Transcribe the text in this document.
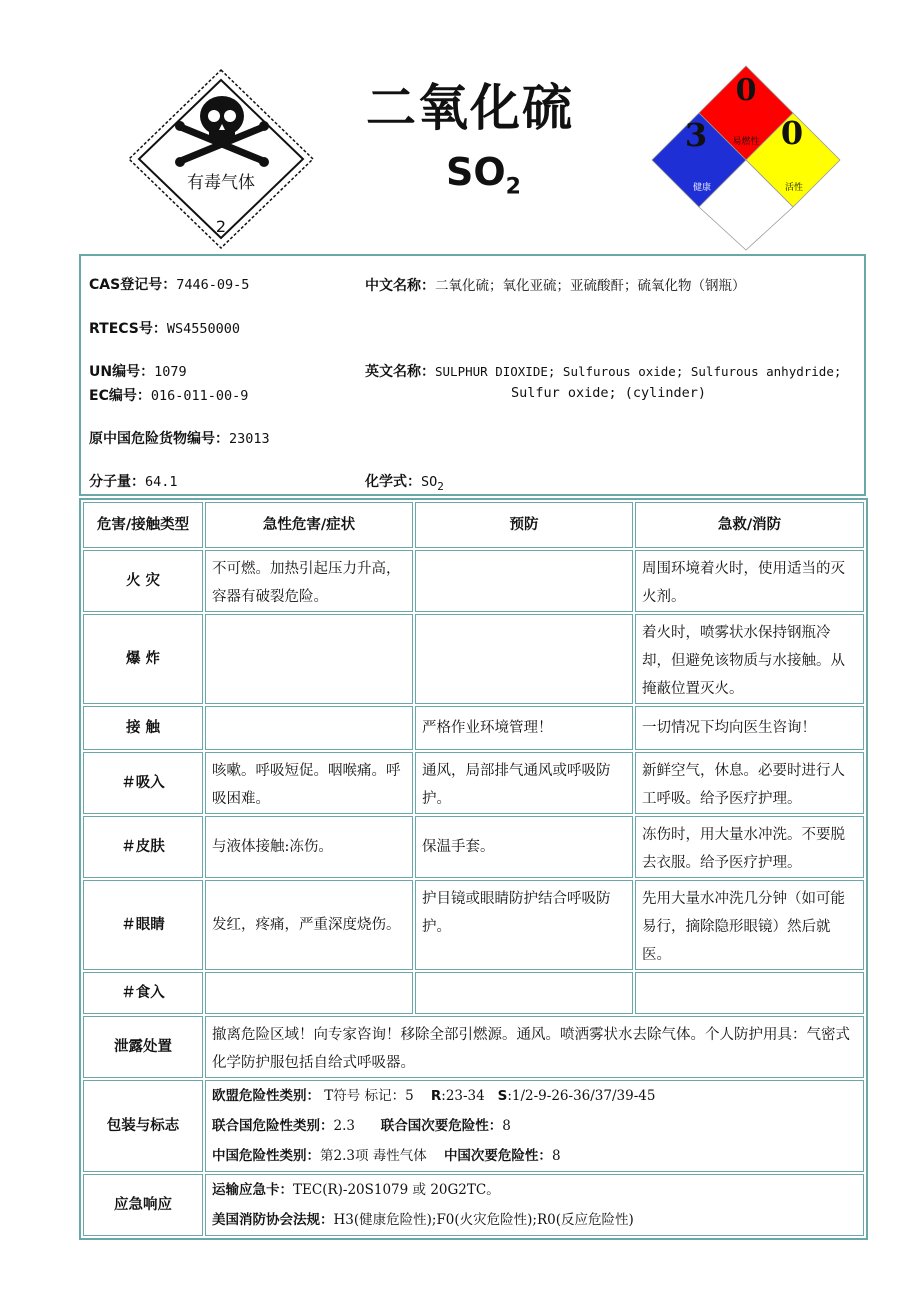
二氧化硫
$SO_2$
有毒气体
2
0
3 0
易燃性
健康	活性
CAS登记号：7446-09-5	中文名称：二氧化硫；氧化亚硫；亚硫酸酐；硫氧化物（钢瓶）
RTECS号：WS4550000
UN编号：1079	英文名称：SULPHUR DIOXIDE; Sulfurous oxide; Sulfurous anhydride;
EC编号：016-011-00-9	Sulfur oxide; (cylinder)
原中国危险货物编号：23013
分子量：64.1	化学式：$SO_2$
危害/接触类型	急性危害/症状	预防	急救/消防
火 灾	不可燃。加热引起压力升高，容器有破裂危险。		周围环境着火时，使用适当的灭火剂。
爆 炸			着火时，喷雾状水保持钢瓶冷却，但避免该物质与水接触。从掩蔽位置灭火。
接 触		严格作业环境管理！	一切情况下均向医生咨询！
＃吸入	咳嗽。呼吸短促。咽喉痛。呼吸困难。	通风，局部排气通风或呼吸防护。	新鲜空气，休息。必要时进行人工呼吸。给予医疗护理。
＃皮肤	与液体接触:冻伤。	保温手套。	冻伤时，用大量水冲洗。不要脱去衣服。给予医疗护理。
＃眼睛	发红，疼痛，严重深度烧伤。	护目镜或眼睛防护结合呼吸防护。	先用大量水冲洗几分钟（如可能易行，摘除隐形眼镜）然后就医。
＃食入			
泄露处置	撤离危险区域！向专家咨询！移除全部引燃源。通风。喷洒雾状水去除气体。个人防护用具：气密式化学防护服包括自给式呼吸器。		
包装与标志	欧盟危险性类别： T符号 标记：5 R:23-34 S:1/2-9-26-36/37/39-45
联合国危险性类别：2.3 联合国次要危险性：8
中国危险性类别：第2.3项 毒性气体 中国次要危险性：8		

应急响应	运输应急卡：TEC(R)-20S1079 或 20G2TC。
美国消防协会法规：H3(健康危险性);F0(火灾危险性);R0(反应危险性)		
